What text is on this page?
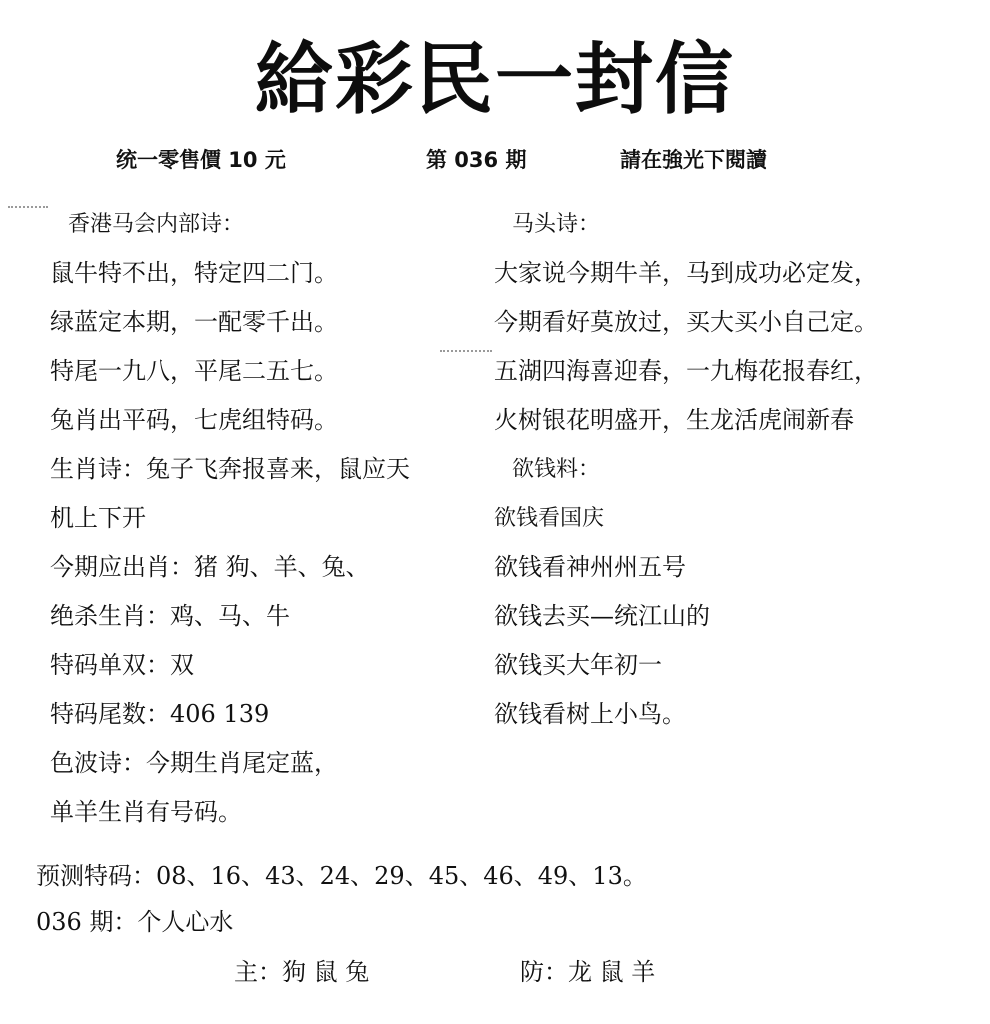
給彩民一封信
统一零售價 10 元	第 036 期	請在強光下閱讀
香港马会内部诗：
鼠牛特不出，特定四二门。
绿蓝定本期，一配零千出。
特尾一九八，平尾二五七。
兔肖出平码，七虎组特码。
生肖诗：兔子飞奔报喜来，鼠应天
机上下开
今期应出肖：猪 狗、羊、兔、
绝杀生肖：鸡、马、牛
特码单双：双
特码尾数：406 139
色波诗：今期生肖尾定蓝，
单羊生肖有号码。
马头诗：
大家说今期牛羊，马到成功必定发，
今期看好莫放过，买大买小自己定。
五湖四海喜迎春，一九梅花报春红，
火树银花明盛开，生龙活虎闹新春
欲钱料：
欲钱看国庆
欲钱看神州州五号
欲钱去买—统江山的
欲钱买大年初一
欲钱看树上小鸟。
预测特码：08、16、43、24、29、45、46、49、13。
036 期：个人心水
主：狗 鼠 兔	防：龙 鼠 羊
